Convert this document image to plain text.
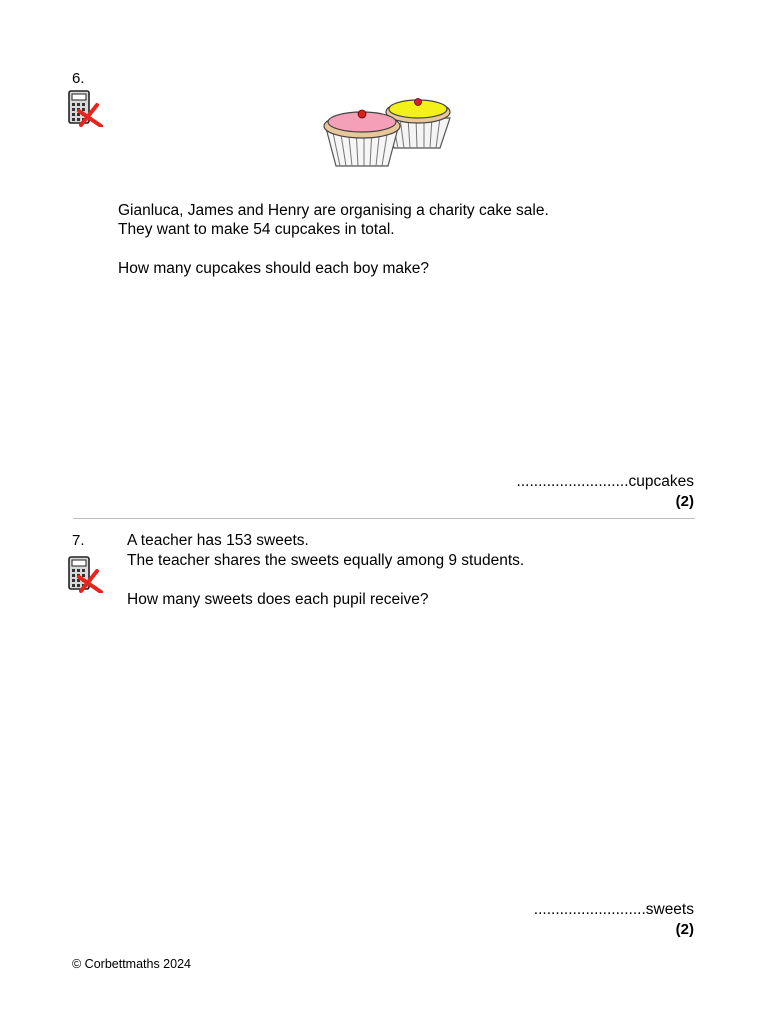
6.
Gianluca, James and Henry are organising a charity cake sale.
They want to make 54 cupcakes in total.
How many cupcakes should each boy make?
..........................cupcakes
(2)
7.	A teacher has 153 sweets.
The teacher shares the sweets equally among 9 students.
How many sweets does each pupil receive?
..........................sweets
(2)
© Corbettmaths 2024
